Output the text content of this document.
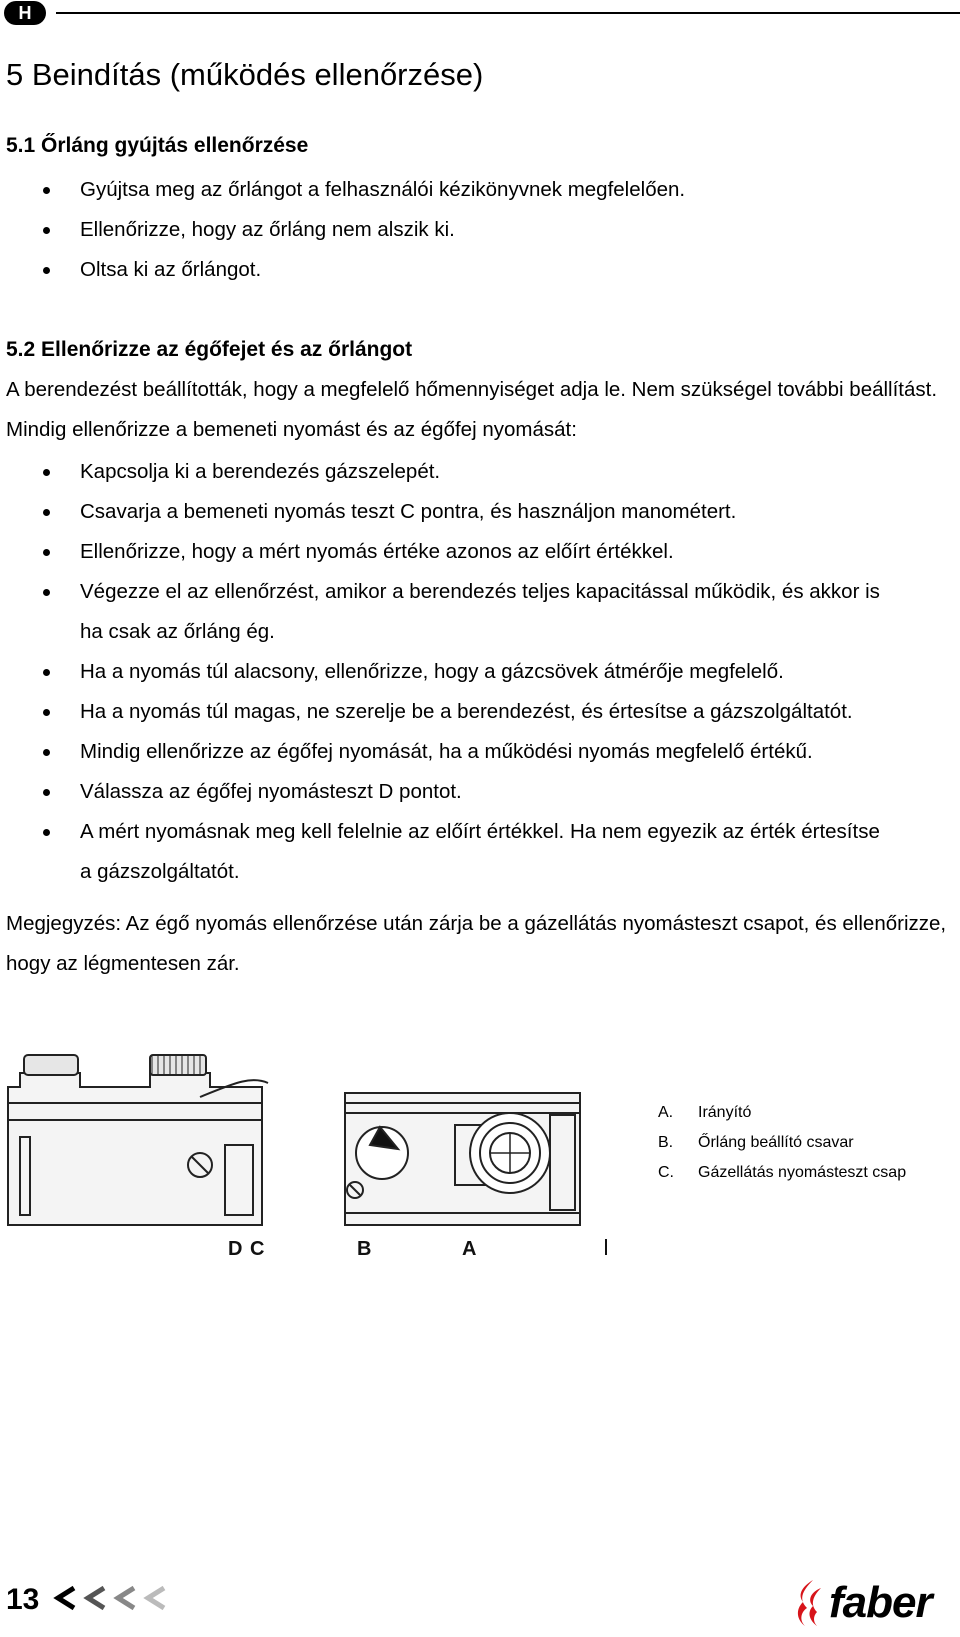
H
5 Beindítás (működés ellenőrzése)
5.1 Őrláng gyújtás ellenőrzése
Gyújtsa meg az őrlángot a felhasználói kézikönyvnek megfelelően.
Ellenőrizze, hogy az őrláng nem alszik ki.
Oltsa ki az őrlángot.
5.2 Ellenőrizze az égőfejet és az őrlángot

A berendezést beállították, hogy a megfelelő hőmennyiséget adja le. Nem szükségel további beállítást. Mindig ellenőrizze a bemeneti nyomást és az égőfej nyomását:

Kapcsolja ki a berendezés gázszelepét.
Csavarja a bemeneti nyomás teszt C pontra, és használjon manométert.
Ellenőrizze, hogy a mért nyomás értéke azonos az előírt értékkel.
Végezze el az ellenőrzést, amikor a berendezés teljes kapacitással működik, és akkor is ha csak az őrláng ég.
Ha a nyomás túl alacsony, ellenőrizze, hogy a gázcsövek átmérője megfelelő.
Ha a nyomás túl magas, ne szerelje be a berendezést, és értesítse a gázszolgáltatót.
Mindig ellenőrizze az égőfej nyomását, ha a működési nyomás megfelelő értékű.
Válassza az égőfej nyomásteszt D pontot.
A mért nyomásnak meg kell felelnie az előírt értékkel. Ha nem egyezik az érték értesítse a gázszolgáltatót.

Megjegyzés: Az égő nyomás ellenőrzése után zárja be a gázellátás nyomásteszt csapot, és ellenőrizze, hogy az légmentesen zár.

D C	B	A
A.	Irányító
B.	Őrláng beállító csavar
C.	Gázellátás nyomásteszt csap
13	faber
